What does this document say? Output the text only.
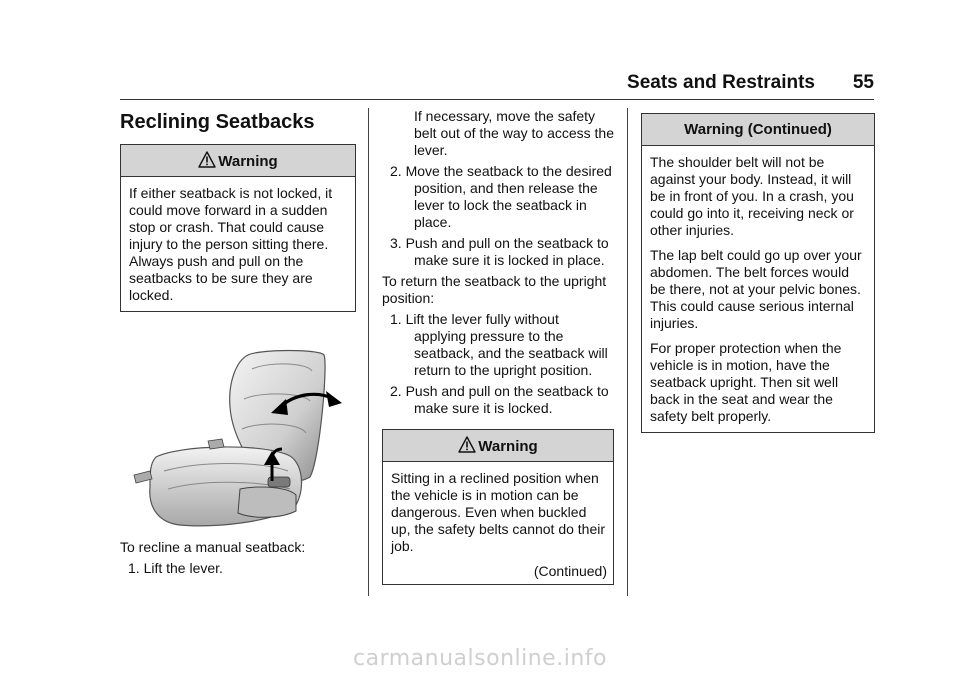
Seats and Restraints 55
Reclining Seatbacks
Warning

If either seatback is not locked, it could move forward in a sudden stop or crash. That could cause injury to the person sitting there. Always push and pull on the seatbacks to be sure they are locked.

To recline a manual seatback:

1. Lift the lever.

If necessary, move the safety belt out of the way to access the lever.

2. Move the seatback to the desired position, and then release the lever to lock the seatback in place.

3. Push and pull on the seatback to make sure it is locked in place.

To return the seatback to the upright position:

1. Lift the lever fully without applying pressure to the seatback, and the seatback will return to the upright position.

2. Push and pull on the seatback to make sure it is locked.

Warning

Sitting in a reclined position when the vehicle is in motion can be dangerous. Even when buckled up, the safety belts cannot do their job.

(Continued)
Warning (Continued)

The shoulder belt will not be against your body. Instead, it will be in front of you. In a crash, you could go into it, receiving neck or other injuries.

The lap belt could go up over your abdomen. The belt forces would be there, not at your pelvic bones. This could cause serious internal injuries.

For proper protection when the vehicle is in motion, have the seatback upright. Then sit well back in the seat and wear the safety belt properly.

carmanualsonline.info
